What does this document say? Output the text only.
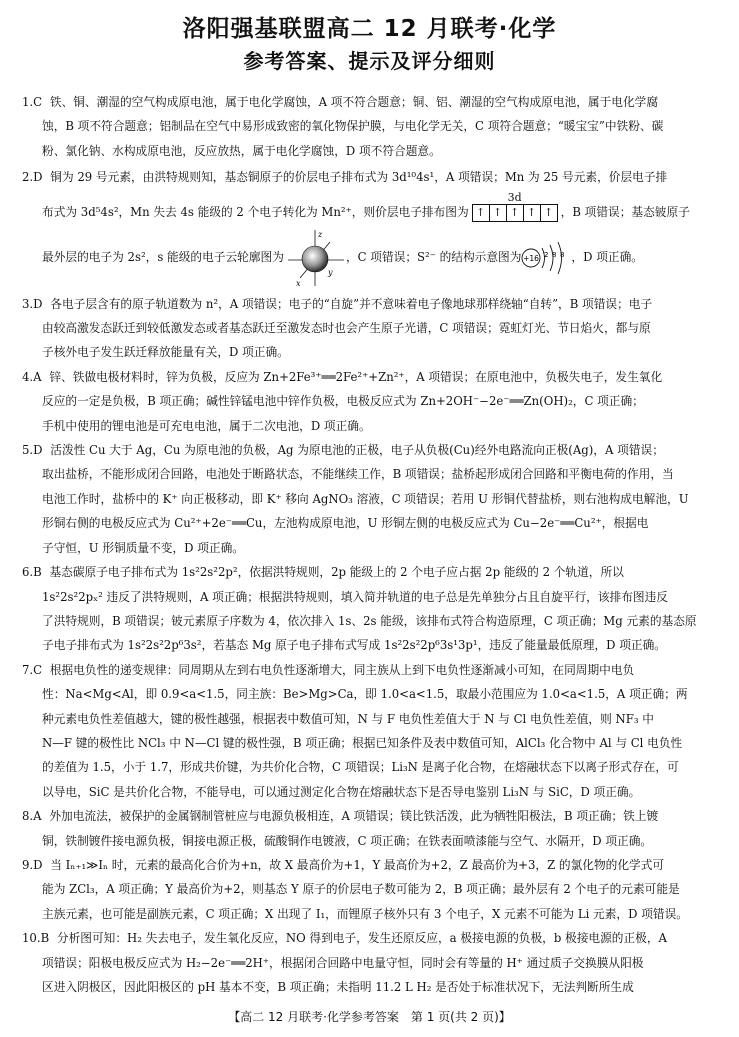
洛阳强基联盟高二 12 月联考·化学
参考答案、提示及评分细则
1.C 铁、铜、潮湿的空气构成原电池，属于电化学腐蚀，A 项不符合题意；铜、铝、潮湿的空气构成原电池，属于电化学腐
蚀，B 项不符合题意；铝制品在空气中易形成致密的氧化物保护膜，与电化学无关，C 项符合题意；“暖宝宝”中铁粉、碳
粉、氯化钠、水构成原电池，反应放热，属于电化学腐蚀，D 项不符合题意。
2.D 铜为 29 号元素，由洪特规则知，基态铜原子的价层电子排布式为 3d¹⁰4s¹，A 项错误；Mn 为 25 号元素，价层电子排
布式为 3d⁵4s²，Mn 失去 4s 能级的 2 个电子转化为 Mn²⁺，则价层电子排布图为
3d
↑ ↑ ↑ ↑ ↑ ，B 项错误；基态铍原子
最外层的电子为 2s²，s 能级的电子云轮廓图为
z
y
x
，C 项错误；S²⁻ 的结构示意图为 +16 2 8 8 ，D 项正确。
3.D 各电子层含有的原子轨道数为 n²，A 项错误；电子的“自旋”并不意味着电子像地球那样绕轴“自转”，B 项错误；电子
由较高激发态跃迁到较低激发态或者基态跃迁至激发态时也会产生原子光谱，C 项错误；霓虹灯光、节日焰火，都与原
子核外电子发生跃迁释放能量有关，D 项正确。
4.A 锌、铁做电极材料时，锌为负极，反应为 Zn+2Fe³⁺══2Fe²⁺+Zn²⁺，A 项错误；在原电池中，负极失电子，发生氧化
反应的一定是负极，B 项正确；碱性锌锰电池中锌作负极，电极反应式为 Zn+2OH⁻−2e⁻══Zn(OH)₂，C 项正确；
手机中使用的锂电池是可充电电池，属于二次电池，D 项正确。
5.D 活泼性 Cu 大于 Ag，Cu 为原电池的负极，Ag 为原电池的正极，电子从负极(Cu)经外电路流向正极(Ag)，A 项错误；
取出盐桥，不能形成闭合回路，电池处于断路状态，不能继续工作，B 项错误；盐桥起形成闭合回路和平衡电荷的作用，当
电池工作时，盐桥中的 K⁺ 向正极移动，即 K⁺ 移向 AgNO₃ 溶液，C 项错误；若用 U 形铜代替盐桥，则右池构成电解池，U
形铜右侧的电极反应式为 Cu²⁺+2e⁻══Cu，左池构成原电池，U 形铜左侧的电极反应式为 Cu−2e⁻══Cu²⁺，根据电
子守恒，U 形铜质量不变，D 项正确。
6.B 基态碳原子电子排布式为 1s²2s²2p²，依据洪特规则，2p 能级上的 2 个电子应占据 2p 能级的 2 个轨道，所以
1s²2s²2pₓ² 违反了洪特规则，A 项正确；根据洪特规则，填入简并轨道的电子总是先单独分占且自旋平行，该排布图违反
了洪特规则，B 项错误；铍元素原子序数为 4，依次排入 1s、2s 能级，该排布式符合构造原理，C 项正确；Mg 元素的基态原
子电子排布式为 1s²2s²2p⁶3s²，若基态 Mg 原子电子排布式写成 1s²2s²2p⁶3s¹3p¹，违反了能量最低原理，D 项正确。
7.C 根据电负性的递变规律：同周期从左到右电负性逐渐增大，同主族从上到下电负性逐渐减小可知，在同周期中电负
性：Na<Mg<Al，即 0.9<a<1.5，同主族：Be>Mg>Ca，即 1.0<a<1.5，取最小范围应为 1.0<a<1.5，A 项正确；两
种元素电负性差值越大，键的极性越强，根据表中数值可知，N 与 F 电负性差值大于 N 与 Cl 电负性差值，则 NF₃ 中
N—F 键的极性比 NCl₃ 中 N—Cl 键的极性强，B 项正确；根据已知条件及表中数值可知，AlCl₃ 化合物中 Al 与 Cl 电负性
的差值为 1.5，小于 1.7，形成共价键，为共价化合物，C 项错误；Li₃N 是离子化合物，在熔融状态下以离子形式存在，可
以导电，SiC 是共价化合物，不能导电，可以通过测定化合物在熔融状态下是否导电鉴别 Li₃N 与 SiC，D 项正确。
8.A 外加电流法，被保护的金属钢制管桩应与电源负极相连，A 项错误；镁比铁活泼，此为牺牲阳极法，B 项正确；铁上镀
铜，铁制镀件接电源负极，铜接电源正极，硫酸铜作电镀液，C 项正确；在铁表面喷漆能与空气、水隔开，D 项正确。
9.D 当 Iₙ₊₁≫Iₙ 时，元素的最高化合价为+n，故 X 最高价为+1，Y 最高价为+2，Z 最高价为+3，Z 的氯化物的化学式可
能为 ZCl₃，A 项正确；Y 最高价为+2，则基态 Y 原子的价层电子数可能为 2，B 项正确；最外层有 2 个电子的元素可能是
主族元素，也可能是副族元素，C 项正确；X 出现了 I₁，而锂原子核外只有 3 个电子，X 元素不可能为 Li 元素，D 项错误。
10.B 分析图可知：H₂ 失去电子，发生氧化反应，NO 得到电子，发生还原反应，a 极接电源的负极，b 极接电源的正极，A
项错误；阳极电极反应式为 H₂−2e⁻══2H⁺，根据闭合回路中电量守恒，同时会有等量的 H⁺ 通过质子交换膜从阳极
区进入阴极区，因此阳极区的 pH 基本不变，B 项正确；未指明 11.2 L H₂ 是否处于标准状况下，无法判断所生成
【高二 12 月联考·化学参考答案　第 1 页(共 2 页)】
